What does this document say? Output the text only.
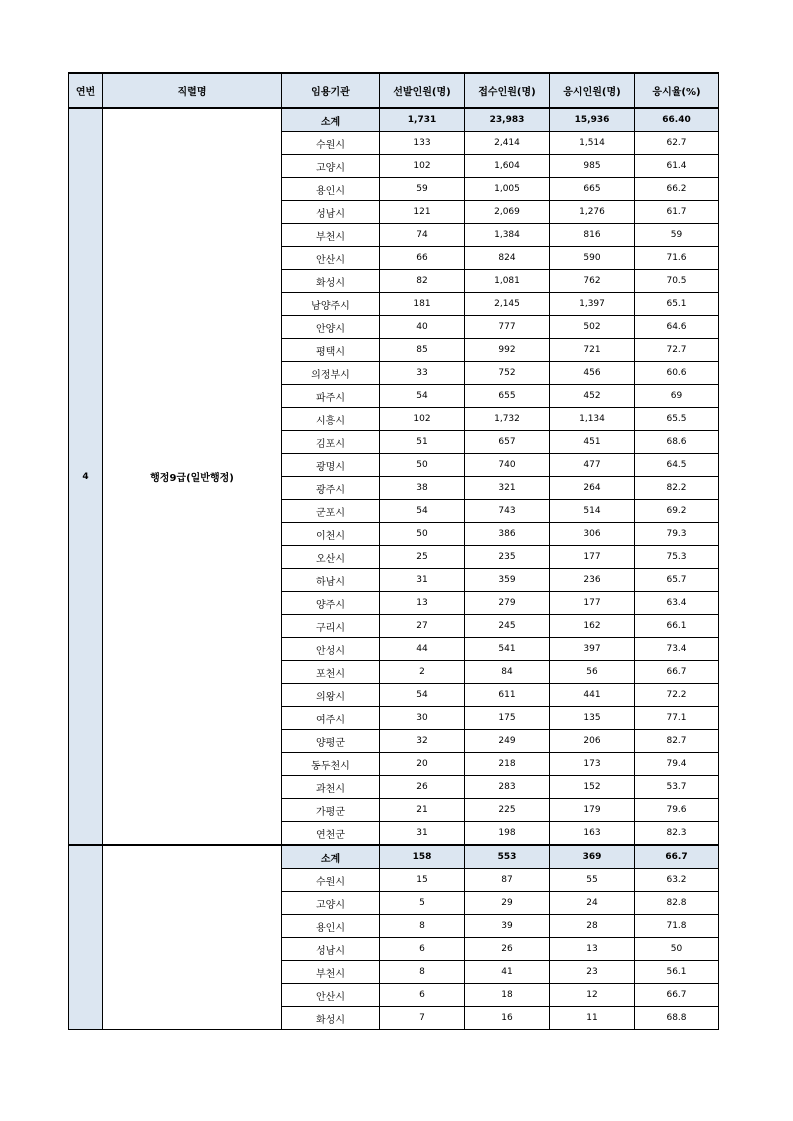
연번	직렬명	임용기관	선발인원(명)	접수인원(명)	응시인원(명)	응시율(%)
4	행정9급(일반행정)	소계	1,731	23,983	15,936	66.40
		수원시	133	2,414	1,514	62.7
		고양시	102	1,604	985	61.4
		용인시	59	1,005	665	66.2
		성남시	121	2,069	1,276	61.7
		부천시	74	1,384	816	59
		안산시	66	824	590	71.6
		화성시	82	1,081	762	70.5
		남양주시	181	2,145	1,397	65.1
		안양시	40	777	502	64.6
		평택시	85	992	721	72.7
		의정부시	33	752	456	60.6
		파주시	54	655	452	69
		시흥시	102	1,732	1,134	65.5
		김포시	51	657	451	68.6
		광명시	50	740	477	64.5
		광주시	38	321	264	82.2
		군포시	54	743	514	69.2
		이천시	50	386	306	79.3
		오산시	25	235	177	75.3
		하남시	31	359	236	65.7
		양주시	13	279	177	63.4
		구리시	27	245	162	66.1
		안성시	44	541	397	73.4
		포천시	2	84	56	66.7
		의왕시	54	611	441	72.2
		여주시	30	175	135	77.1
		양평군	32	249	206	82.7
		동두천시	20	218	173	79.4
		과천시	26	283	152	53.7
		가평군	21	225	179	79.6
		연천군	31	198	163	82.3
		소계	158	553	369	66.7
		수원시	15	87	55	63.2
		고양시	5	29	24	82.8
		용인시	8	39	28	71.8
		성남시	6	26	13	50
		부천시	8	41	23	56.1
		안산시	6	18	12	66.7
		화성시	7	16	11	68.8
